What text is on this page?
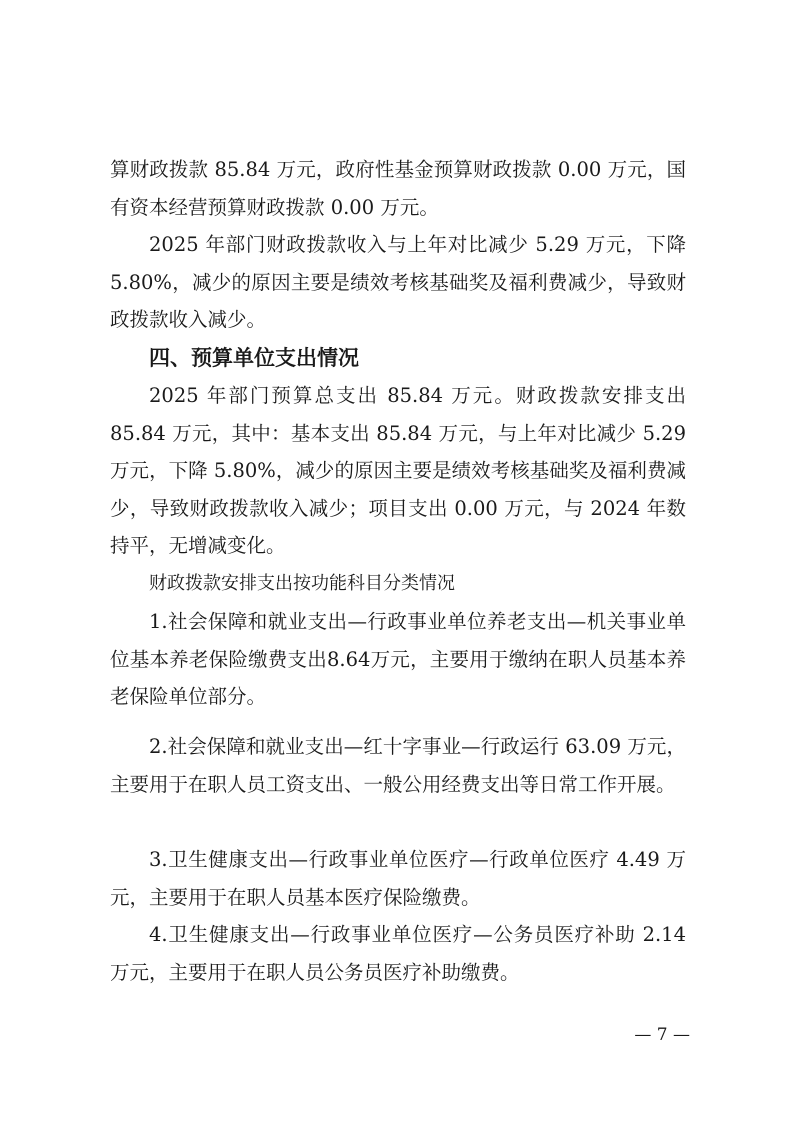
算财政拨款 85.84 万元，政府性基金预算财政拨款 0.00 万元，国有资本经营预算财政拨款 0.00 万元。

2025 年部门财政拨款收入与上年对比减少 5.29 万元，下降 5.80%，减少的原因主要是绩效考核基础奖及福利费减少，导致财政拨款收入减少。

四、预算单位支出情况

2025 年部门预算总支出 85.84 万元。财政拨款安排支出 85.84 万元，其中：基本支出 85.84 万元，与上年对比减少 5.29 万元，下降 5.80%，减少的原因主要是绩效考核基础奖及福利费减少，导致财政拨款收入减少；项目支出 0.00 万元，与 2024 年数持平，无增减变化。

财政拨款安排支出按功能科目分类情况

1.社会保障和就业支出—行政事业单位养老支出—机关事业单位基本养老保险缴费支出8.64万元，主要用于缴纳在职人员基本养老保险单位部分。

2.社会保障和就业支出—红十字事业—行政运行 63.09 万元，主要用于在职人员工资支出、一般公用经费支出等日常工作开展。

3.卫生健康支出—行政事业单位医疗—行政单位医疗 4.49 万元，主要用于在职人员基本医疗保险缴费。

4.卫生健康支出—行政事业单位医疗—公务员医疗补助 2.14 万元，主要用于在职人员公务员医疗补助缴费。

— 7 —
